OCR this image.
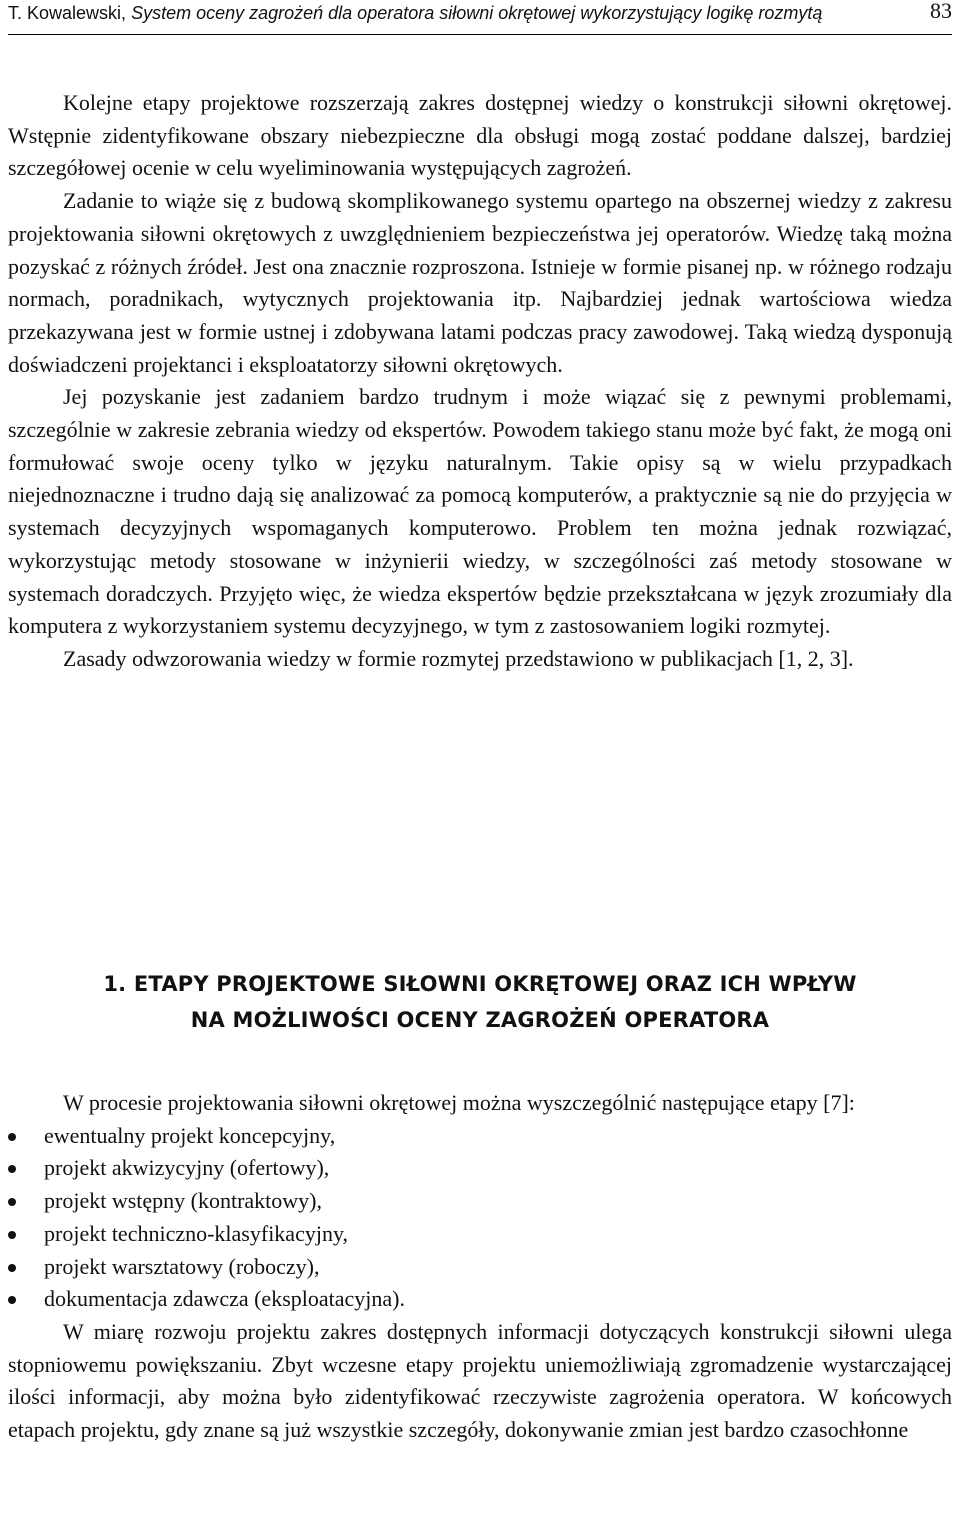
T. Kowalewski, System oceny zagrożeń dla operatora siłowni okrętowej wykorzystujący logikę rozmytą	83

Kolejne etapy projektowe rozszerzają zakres dostępnej wiedzy o konstrukcji siłowni okrętowej. Wstępnie zidentyfikowane obszary niebezpieczne dla obsługi mogą zostać poddane dalszej, bardziej szczegółowej ocenie w celu wyeliminowania występujących zagrożeń.

Zadanie to wiąże się z budową skomplikowanego systemu opartego na obszernej wiedzy z zakresu projektowania siłowni okrętowych z uwzględnieniem bezpieczeństwa jej operatorów. Wiedzę taką można pozyskać z różnych źródeł. Jest ona znacznie rozproszona. Istnieje w formie pisanej np. w różnego rodzaju normach, poradnikach, wytycznych projektowania itp. Najbardziej jednak wartościowa wiedza przekazywana jest w formie ustnej i zdobywana latami podczas pracy zawodowej. Taką wiedzą dysponują doświadczeni projektanci i eksploatatorzy siłowni okrętowych.

Jej pozyskanie jest zadaniem bardzo trudnym i może wiązać się z pewnymi problemami, szczególnie w zakresie zebrania wiedzy od ekspertów. Powodem takiego stanu może być fakt, że mogą oni formułować swoje oceny tylko w języku naturalnym. Takie opisy są w wielu przypadkach niejednoznaczne i trudno dają się analizować za pomocą komputerów, a praktycznie są nie do przyjęcia w systemach decyzyjnych wspomaganych komputerowo. Problem ten można jednak rozwiązać, wykorzystując metody stosowane w inżynierii wiedzy, w szczególności zaś metody stosowane w systemach doradczych. Przyjęto więc, że wiedza ekspertów będzie przekształcana w język zrozumiały dla komputera z wykorzystaniem systemu decyzyjnego, w tym z zastosowaniem logiki rozmytej.

Zasady odwzorowania wiedzy w formie rozmytej przedstawiono w publikacjach [1, 2, 3].

1. ETAPY PROJEKTOWE SIŁOWNI OKRĘTOWEJ ORAZ ICH WPŁYW
NA MOŻLIWOŚCI OCENY ZAGROŻEŃ OPERATORA

W procesie projektowania siłowni okrętowej można wyszczególnić następujące etapy [7]:

ewentualny projekt koncepcyjny,
projekt akwizycyjny (ofertowy),
projekt wstępny (kontraktowy),
projekt techniczno-klasyfikacyjny,
projekt warsztatowy (roboczy),
dokumentacja zdawcza (eksploatacyjna).

W miarę rozwoju projektu zakres dostępnych informacji dotyczących konstrukcji siłowni ulega stopniowemu powiększaniu. Zbyt wczesne etapy projektu uniemożliwiają zgromadzenie wystarczającej ilości informacji, aby można było zidentyfikować rzeczywiste zagrożenia operatora. W końcowych etapach projektu, gdy znane są już wszystkie szczegóły, dokonywanie zmian jest bardzo czasochłonne
